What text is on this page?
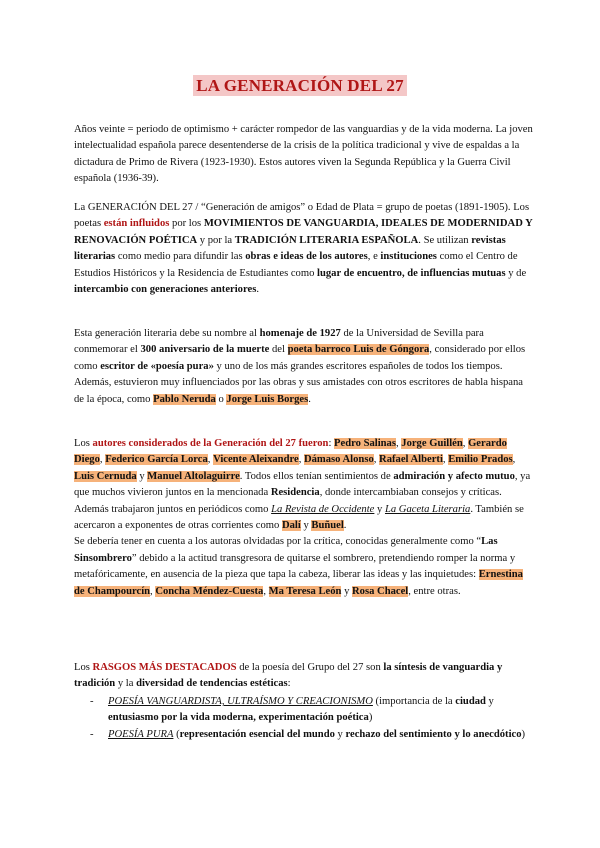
LA GENERACIÓN DEL 27

Años veinte = periodo de optimismo + carácter rompedor de las vanguardias y de la vida moderna. La joven intelectualidad española parece desentenderse de la crisis de la política tradicional y vive de espaldas a la dictadura de Primo de Rivera (1923-1930). Estos autores viven la Segunda República y la Guerra Civil española (1936-39).

La GENERACIÓN DEL 27 / “Generación de amigos” o Edad de Plata = grupo de poetas (1891-1905). Los poetas están influidos por los MOVIMIENTOS DE VANGUARDIA, IDEALES DE MODERNIDAD Y RENOVACIÓN POÉTICA y por la TRADICIÓN LITERARIA ESPAÑOLA. Se utilizan revistas literarias como medio para difundir las obras e ideas de los autores, e instituciones como el Centro de Estudios Históricos y la Residencia de Estudiantes como lugar de encuentro, de influencias mutuas y de intercambio con generaciones anteriores.

Esta generación literaria debe su nombre al homenaje de 1927 de la Universidad de Sevilla para conmemorar el 300 aniversario de la muerte del poeta barroco Luis de Góngora, considerado por ellos como escritor de «poesía pura» y uno de los más grandes escritores españoles de todos los tiempos. Además, estuvieron muy influenciados por las obras y sus amistades con otros escritores de habla hispana de la época, como Pablo Neruda o Jorge Luis Borges.

Los autores considerados de la Generación del 27 fueron: Pedro Salinas, Jorge Guillén, Gerardo Diego, Federico García Lorca, Vicente Aleixandre, Dámaso Alonso, Rafael Alberti, Emilio Prados, Luis Cernuda y Manuel Altolaguirre. Todos ellos tenían sentimientos de admiración y afecto mutuo, ya que muchos vivieron juntos en la mencionada Residencia, donde intercambiaban consejos y críticas. Además trabajaron juntos en periódicos como La Revista de Occidente y La Gaceta Literaria. También se acercaron a exponentes de otras corrientes como Dalí y Buñuel.
Se debería tener en cuenta a los autoras olvidadas por la crítica, conocidas generalmente como “Las Sinsombrero” debido a la actitud transgresora de quitarse el sombrero, pretendiendo romper la norma y metafóricamente, en ausencia de la pieza que tapa la cabeza, liberar las ideas y las inquietudes: Ernestina de Champourcín, Concha Méndez-Cuesta, Ma Teresa León y Rosa Chacel, entre otras.

Los RASGOS MÁS DESTACADOS de la poesía del Grupo del 27 son la síntesis de vanguardia y tradición y la diversidad de tendencias estéticas:

- POESÍA VANGUARDISTA, ULTRAÍSMO Y CREACIONISMO (importancia de la ciudad y entusiasmo por la vida moderna, experimentación poética)
- POESÍA PURA (representación esencial del mundo y rechazo del sentimiento y lo anecdótico)
